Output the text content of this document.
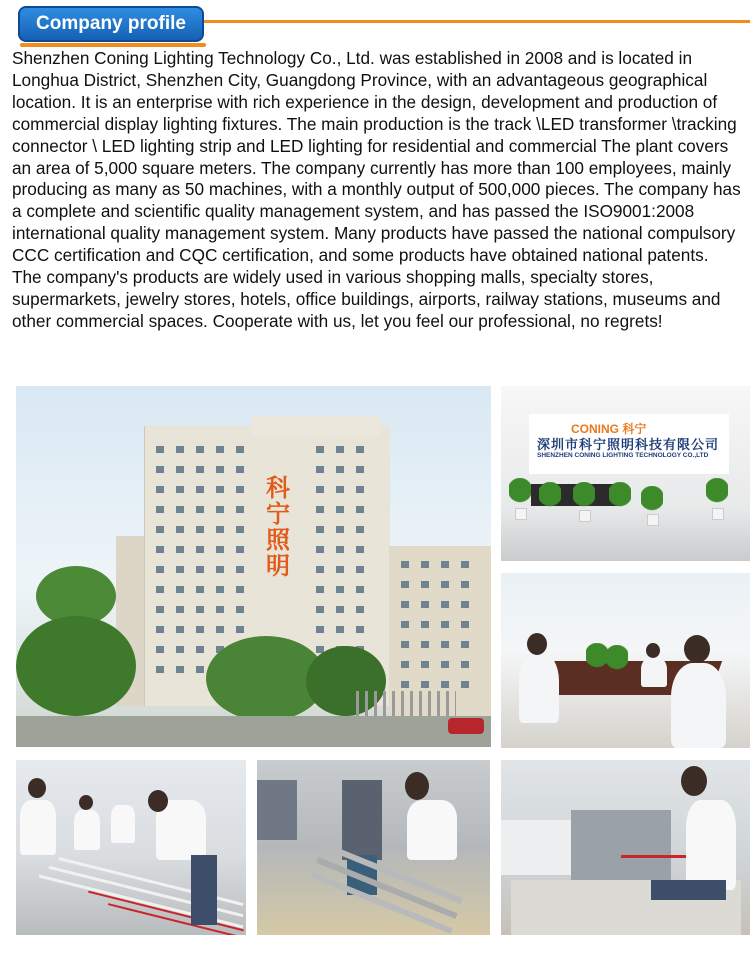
Company profile
Shenzhen Coning Lighting Technology Co., Ltd. was established in 2008 and is located in Longhua District, Shenzhen City, Guangdong Province, with an advantageous geographical location. It is an enterprise with rich experience in the design, development and production of commercial display lighting fixtures. The main production is the track \LED transformer \tracking connector \ LED lighting strip and LED lighting for residential and commercial The plant covers an area of 5,000 square meters. The company currently has more than 100 employees, mainly producing as many as 50 machines, with a monthly output of 500,000 pieces. The company has a complete and scientific quality management system, and has passed the ISO9001:2008 international quality management system. Many products have passed the national compulsory CCC certification and CQC certification, and some products have obtained national patents. The company's products are widely used in various shopping malls, specialty stores, supermarkets, jewelry stores, hotels, office buildings, airports, railway stations, museums and other commercial spaces. Cooperate with us, let you feel our professional, no regrets!
科
宁
照
明
CONING 科宁
深圳市科宁照明科技有限公司
SHENZHEN CONING LIGHTING TECHNOLOGY CO.,LTD
